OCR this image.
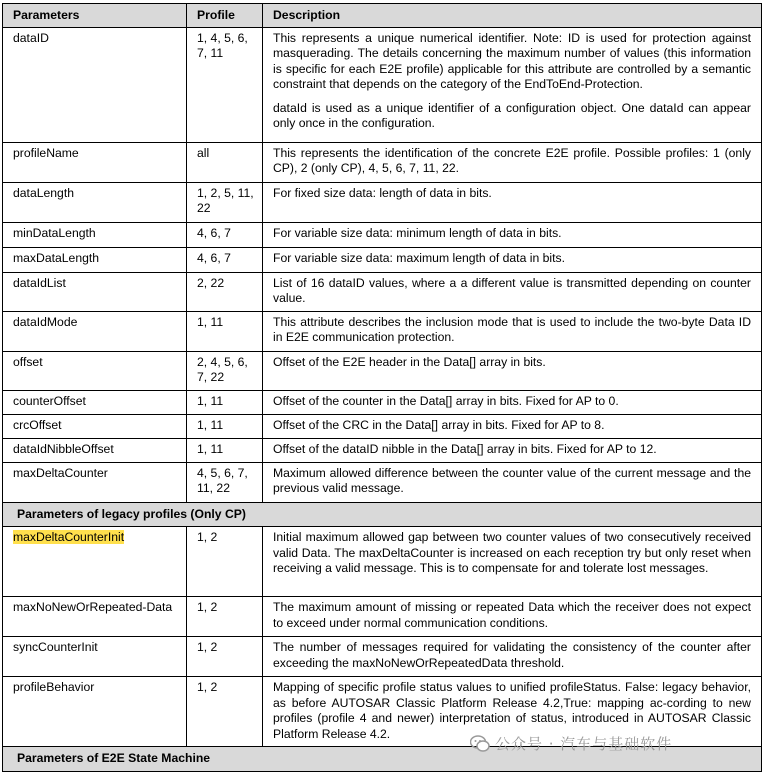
Parameters	Profile	Description
dataID	1, 4, 5, 6, 7, 11	This represents a unique numerical identifier. Note: ID is used for protection against masquerading. The details concerning the maximum number of values (this information is specific for each E2E profile) applicable for this attribute are controlled by a semantic constraint that depends on the category of the EndToEnd-Protection.
dataId is used as a unique identifier of a configuration object. One dataId can appear only once in the configuration.

profileName	all	This represents the identification of the concrete E2E profile. Possible profiles: 1 (only CP), 2 (only CP), 4, 5, 6, 7, 11, 22.
dataLength	1, 2, 5, 11, 22	For fixed size data: length of data in bits.
minDataLength	4, 6, 7	For variable size data: minimum length of data in bits.
maxDataLength	4, 6, 7	For variable size data: maximum length of data in bits.
dataIdList	2, 22	List of 16 dataID values, where a a different value is transmitted depending on counter value.
dataIdMode	1, 11	This attribute describes the inclusion mode that is used to include the two-byte Data ID in E2E communication protection.
offset	2, 4, 5, 6, 7, 22	Offset of the E2E header in the Data[] array in bits.
counterOffset	1, 11	Offset of the counter in the Data[] array in bits. Fixed for AP to 0.
crcOffset	1, 11	Offset of the CRC in the Data[] array in bits. Fixed for AP to 8.
dataIdNibbleOffset	1, 11	Offset of the dataID nibble in the Data[] array in bits. Fixed for AP to 12.
maxDeltaCounter	4, 5, 6, 7, 11, 22	Maximum allowed difference between the counter value of the current message and the previous valid message.
Parameters of legacy profiles (Only CP)		
maxDeltaCounterInit	1, 2	Initial maximum allowed gap between two counter values of two consecutively received valid Data. The maxDeltaCounter is increased on each reception try but only reset when receiving a valid message. This is to compensate for and tolerate lost messages.
maxNoNewOrRepeated-Data	1, 2	The maximum amount of missing or repeated Data which the receiver does not expect to exceed under normal communication conditions.
syncCounterInit	1, 2	The number of messages required for validating the consistency of the counter after exceeding the maxNoNewOrRepeatedData threshold.
profileBehavior	1, 2	Mapping of specific profile status values to unified profileStatus. False: legacy behavior, as before AUTOSAR Classic Platform Release 4.2,True: mapping ac-cording to new profiles (profile 4 and newer) interpretation of status, introduced in AUTOSAR Classic Platform Release 4.2.
Parameters of E2E State Machine		
公众号 · 汽车与基础软件
